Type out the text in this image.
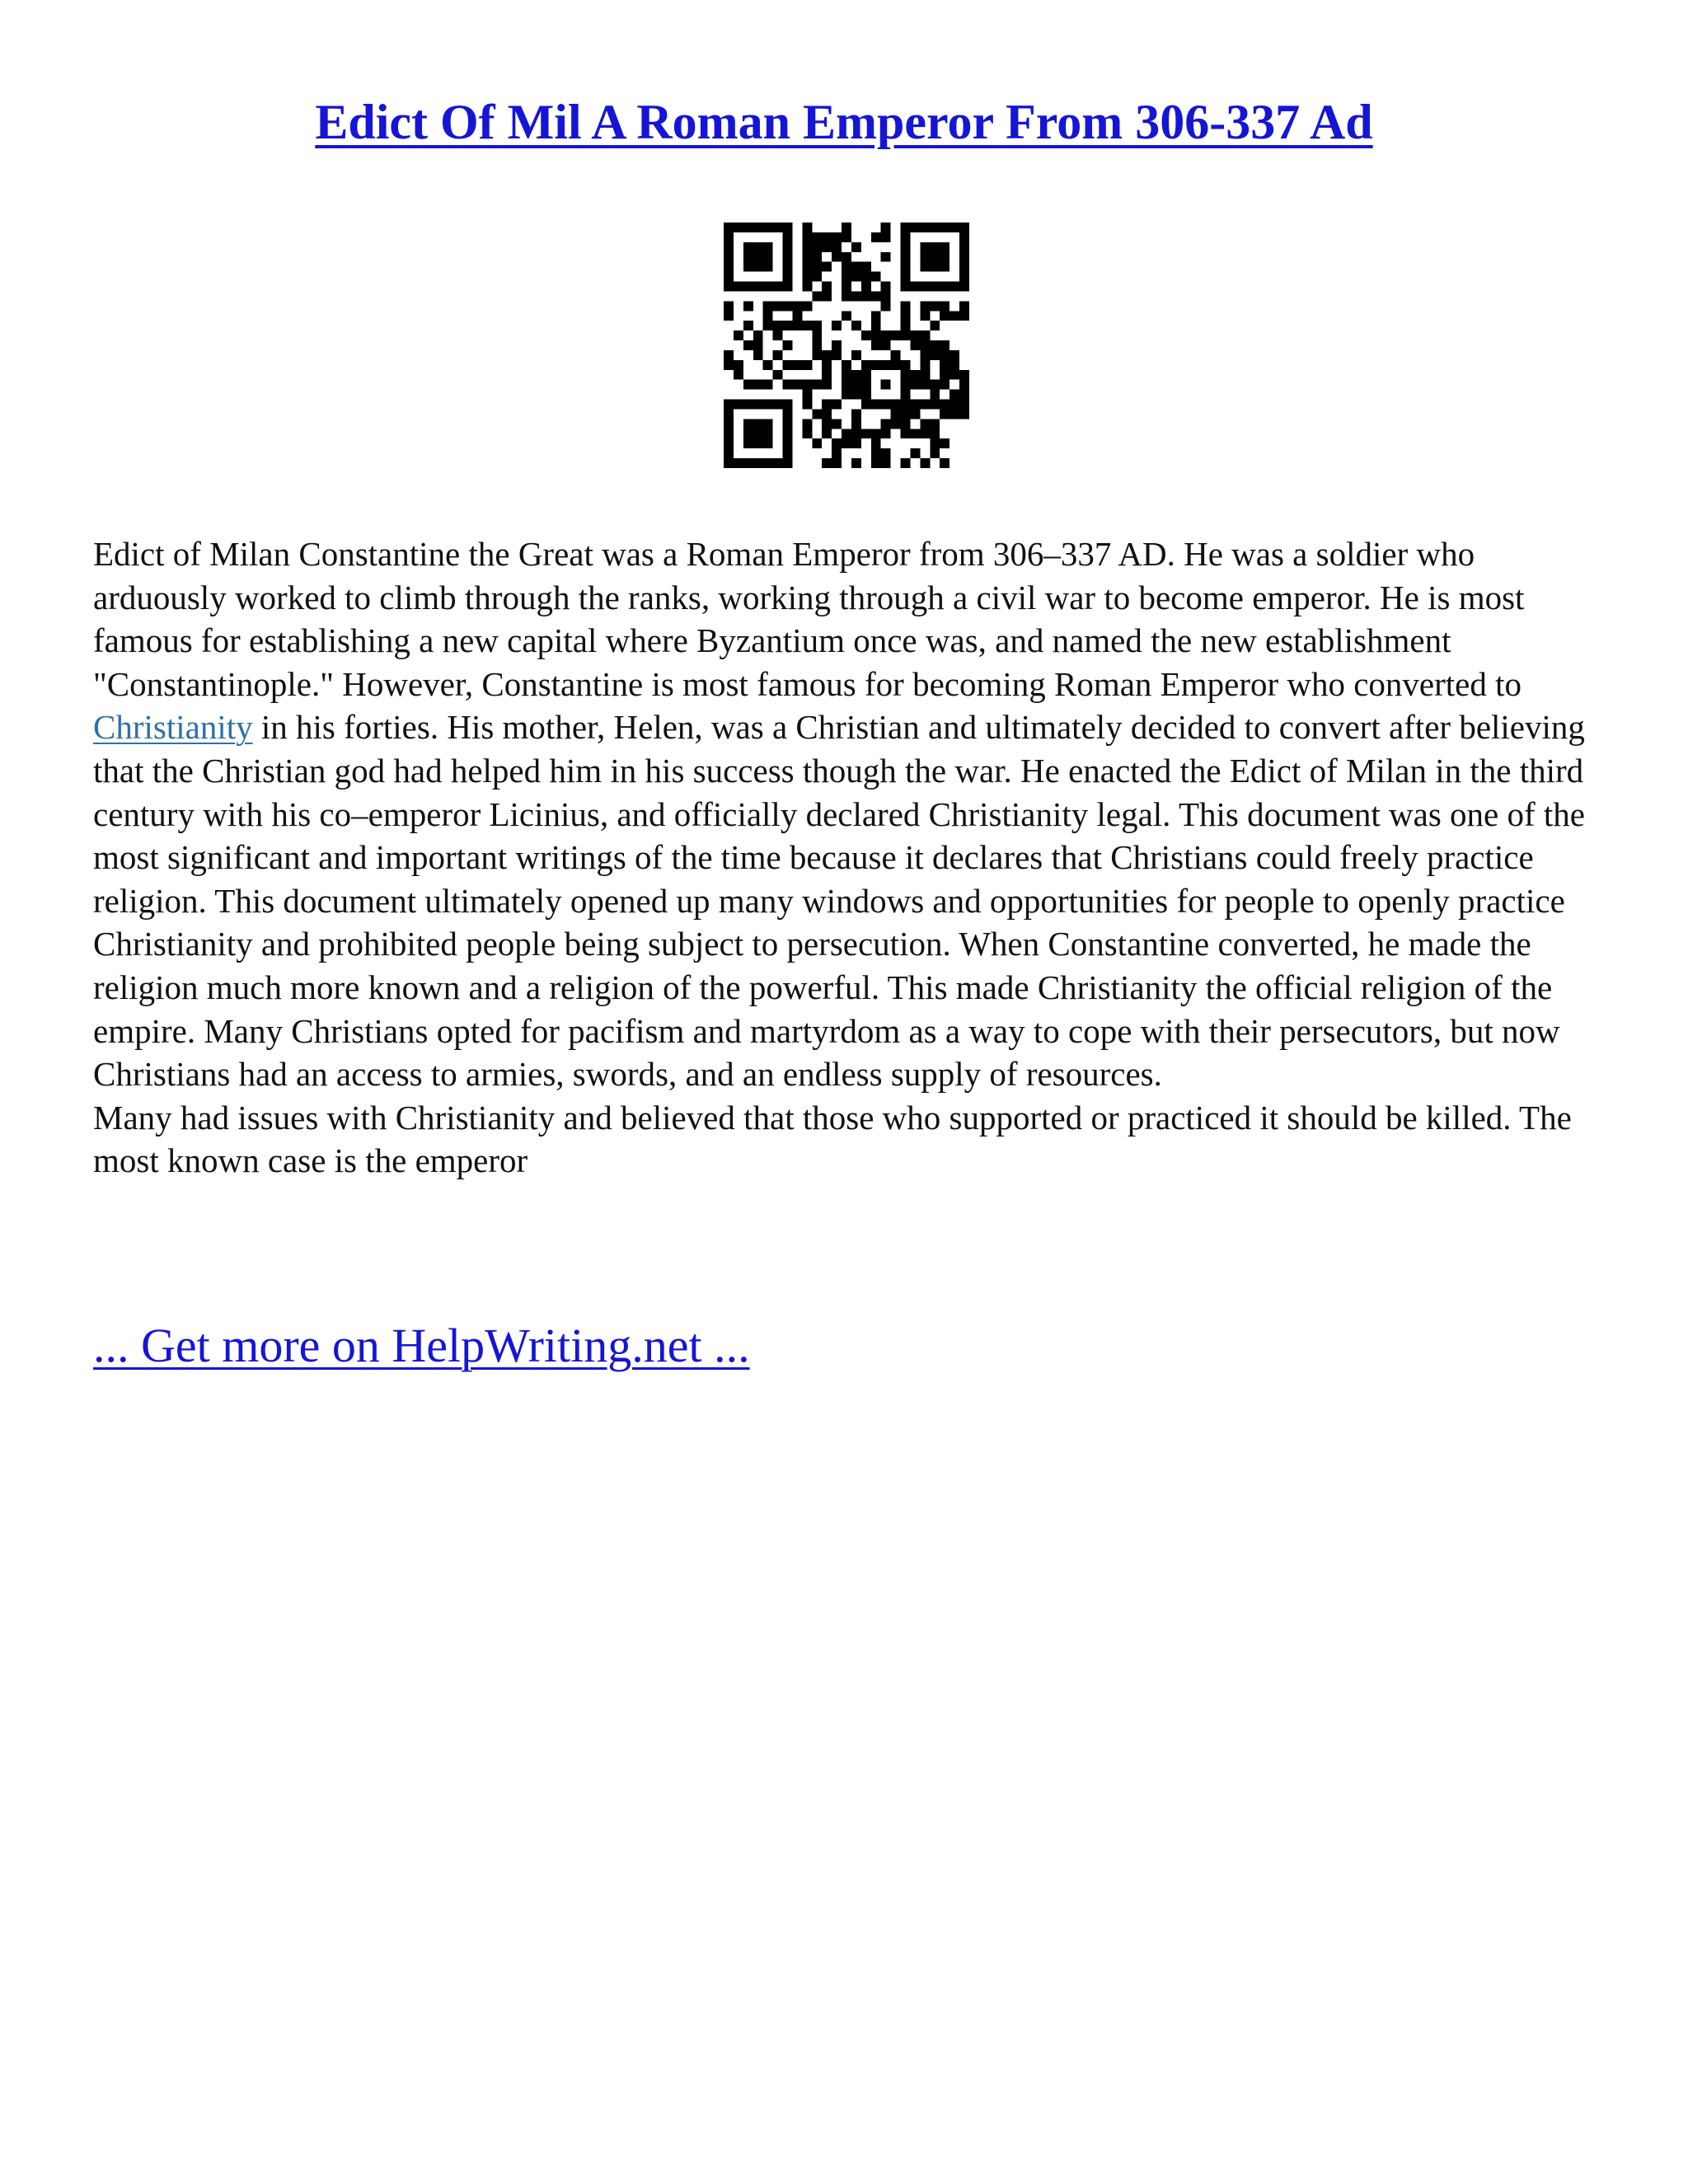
Edict Of Mil A Roman Emperor From 306-337 Ad

Edict of Milan Constantine the Great was a Roman Emperor from 306–337 AD. He was a soldier who arduously worked to climb through the ranks, working through a civil war to become emperor. He is most famous for establishing a new capital where Byzantium once was, and named the new establishment "Constantinople." However, Constantine is most famous for becoming Roman Emperor who converted to Christianity in his forties. His mother, Helen, was a Christian and ultimately decided to convert after believing that the Christian god had helped him in his success though the war. He enacted the Edict of Milan in the third century with his co–emperor Licinius, and officially declared Christianity legal. This document was one of the most significant and important writings of the time because it declares that Christians could freely practice religion. This document ultimately opened up many windows and opportunities for people to openly practice Christianity and prohibited people being subject to persecution. When Constantine converted, he made the religion much more known and a religion of the powerful. This made Christianity the official religion of the empire. Many Christians opted for pacifism and martyrdom as a way to cope with their persecutors, but now Christians had an access to armies, swords, and an endless supply of resources.

Many had issues with Christianity and believed that those who supported or practiced it should be killed. The most known case is the emperor

... Get more on HelpWriting.net ...
